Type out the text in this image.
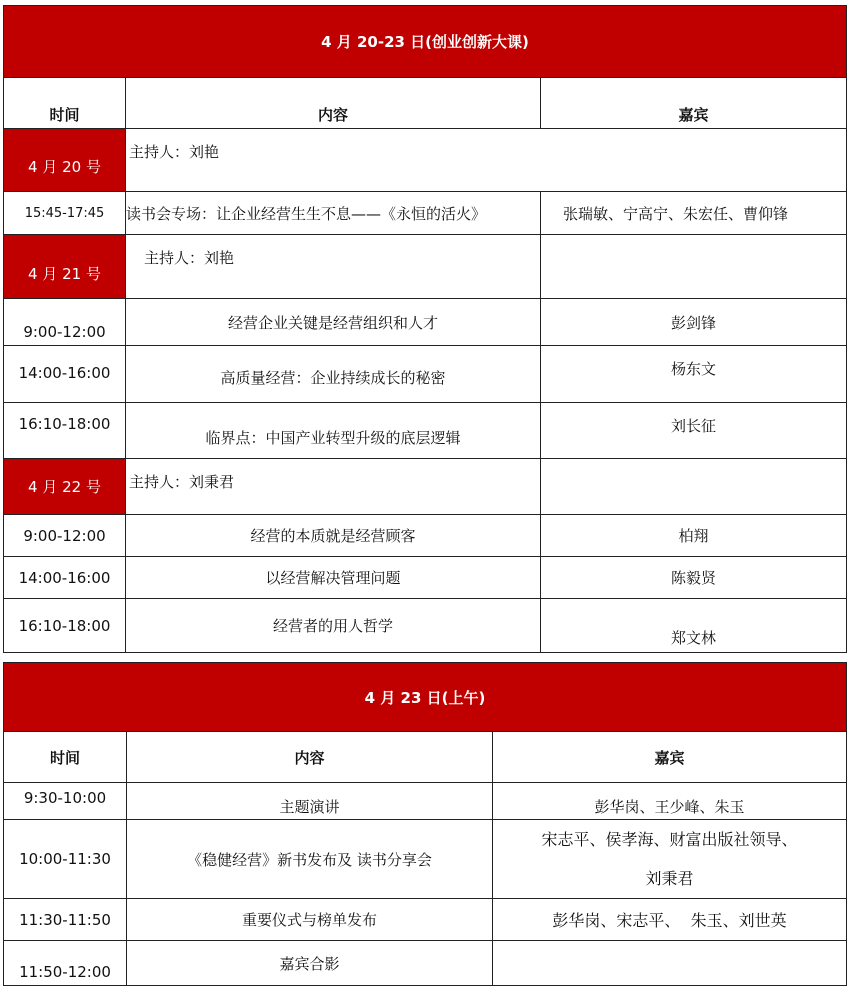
4 月 20-23 日(创业创新大课)		
时间	内容	嘉宾
4 月 20 号	主持人：刘艳	
15:45-17:45	读书会专场：让企业经营生生不息——《永恒的活火》	张瑞敏、宁高宁、朱宏任、曹仰锋
4 月 21 号	主持人：刘艳	
9:00-12:00	经营企业关键是经营组织和人才	彭剑锋
14:00-16:00	高质量经营：企业持续成长的秘密	杨东文
16:10-18:00	临界点：中国产业转型升级的底层逻辑	刘长征
4 月 22 号	主持人：刘秉君	
9:00-12:00	经营的本质就是经营顾客	柏翔
14:00-16:00	以经营解决管理问题	陈毅贤
16:10-18:00	经营者的用人哲学	郑文林
4 月 23 日(上午)		
时间	内容	嘉宾
9:30-10:00	主题演讲	彭华岗、王少峰、朱玉
10:00-11:30	《稳健经营》新书发布及 读书分享会	宋志平、侯孝海、财富出版社领导、
刘秉君

11:30-11:50	重要仪式与榜单发布	彭华岗、宋志平、  朱玉、刘世英
11:50-12:00	嘉宾合影	
